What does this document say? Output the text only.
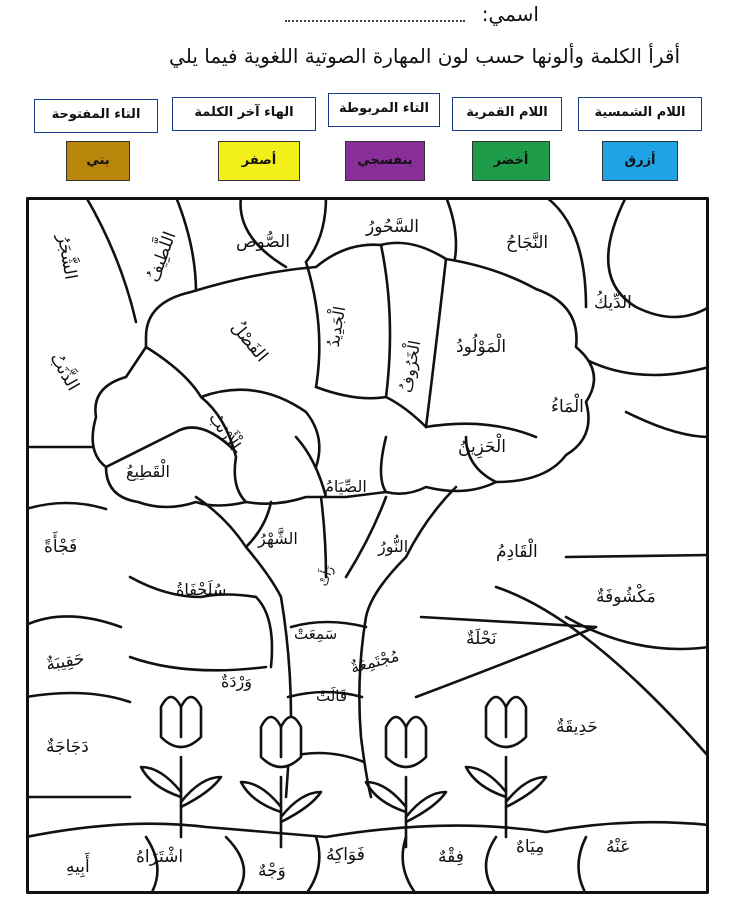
اسمي:
أقرأ الكلمة وألونها حسب لون المهارة الصوتية اللغوية فيما يلي
اللام الشمسية
أزرق
اللام القمرية
أخضر
التاء المربوطة
بنفسجي
الهاء آخر الكلمة
أصفر
التاء المفتوحة
بني
الشَّجَرُ	اللَّطِيفُ	الصُّوص
السَّحُورُ
النَّجَاحُ
الدِّيكُ
الذَّنَبُ
الفَصْلُ	الْجَدِيدُ
الْخَرُوفُ الْمَوْلُودُ
الْمَاءُ
الْأَرْنَبُ	الْحَزِينُ
الْقَطِيعُ
الصِّيَامُ
فَجْأَةً	الشَّهْرُ	النُّورُ	الْقَادِمُ
رَأَتْ
سُلَحْفَاةُ	مَكْشُوفَةٌ
سَمِعَتْ	نَحْلَةٌ
حَقِيبَةٌ
وَرْدَةٌ
مُجْتَمِعَةٌ
قَالَتْ
حَدِيقَةٌ
دَجَاجَةٌ
عَنْهُ
مِيَاهٌ
فِقْهٌ
فَوَاكِهُ
وَجْهٌ
اشْتَرَاهُ
أَبِيهِ
